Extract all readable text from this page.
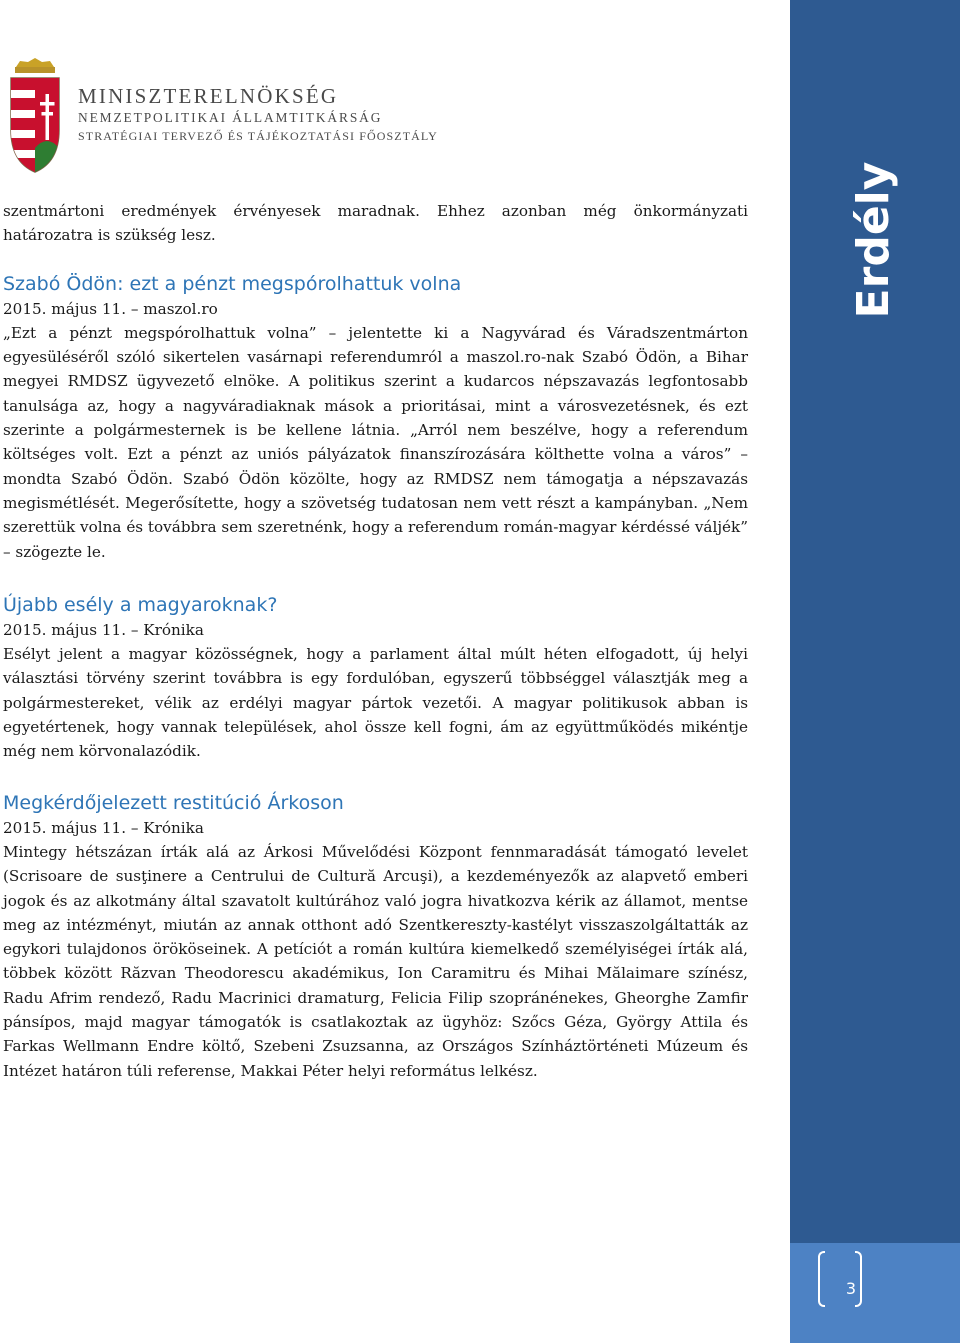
MINISZTERELNÖKSÉG
NEMZETPOLITIKAI ÁLLAMTITKÁRSÁG
STRATÉGIAI TERVEZŐ ÉS TÁJÉKOZTATÁSI FŐOSZTÁLY

szentmártoni eredmények érvényesek maradnak. Ehhez azonban még önkormányzati határozatra is szükség lesz.

Szabó Ödön: ezt a pénzt megspórolhattuk volna

2015. május 11. – maszol.ro

„Ezt a pénzt megspórolhattuk volna” – jelentette ki a Nagyvárad és Váradszentmárton egyesüléséről szóló sikertelen vasárnapi referendumról a maszol.ro-nak Szabó Ödön, a Bihar megyei RMDSZ ügyvezető elnöke. A politikus szerint a kudarcos népszavazás legfontosabb tanulsága az, hogy a nagyváradiaknak mások a prioritásai, mint a városvezetésnek, és ezt szerinte a polgármesternek is be kellene látnia. „Arról nem beszélve, hogy a referendum költséges volt. Ezt a pénzt az uniós pályázatok finanszírozására költhette volna a város” – mondta Szabó Ödön. Szabó Ödön közölte, hogy az RMDSZ nem támogatja a népszavazás megismétlését. Megerősítette, hogy a szövetség tudatosan nem vett részt a kampányban. „Nem szerettük volna és továbbra sem szeretnénk, hogy a referendum román-magyar kérdéssé váljék” – szögezte le.

Újabb esély a magyaroknak?

2015. május 11. – Krónika

Esélyt jelent a magyar közösségnek, hogy a parlament által múlt héten elfogadott, új helyi választási törvény szerint továbbra is egy fordulóban, egyszerű többséggel választják meg a polgármestereket, vélik az erdélyi magyar pártok vezetői. A magyar politikusok abban is egyetértenek, hogy vannak települések, ahol össze kell fogni, ám az együttműködés mikéntje még nem körvonalazódik.

Megkérdőjelezett restitúció Árkoson

2015. május 11. – Krónika

Mintegy hétszázan írták alá az Árkosi Művelődési Központ fennmaradását támogató levelet (Scrisoare de susţinere a Centrului de Cultură Arcuşi), a kezdeményezők az alapvető emberi jogok és az alkotmány által szavatolt kultúrához való jogra hivatkozva kérik az államot, mentse meg az intézményt, miután az annak otthont adó Szentkereszty-kastélyt visszaszolgáltatták az egykori tulajdonos örököseinek. A petíciót a román kultúra kiemelkedő személyiségei írták alá, többek között Răzvan Theodorescu akadémikus, Ion Caramitru és Mihai Mălaimare színész, Radu Afrim rendező, Radu Macrinici dramaturg, Felicia Filip szopránénekes, Gheorghe Zamfir pánsípos, majd magyar támogatók is csatlakoztak az ügyhöz: Szőcs Géza, György Attila és Farkas Wellmann Endre költő, Szebeni Zsuzsanna, az Országos Színháztörténeti Múzeum és Intézet határon túli referense, Makkai Péter helyi református lelkész.

Erdély
3
